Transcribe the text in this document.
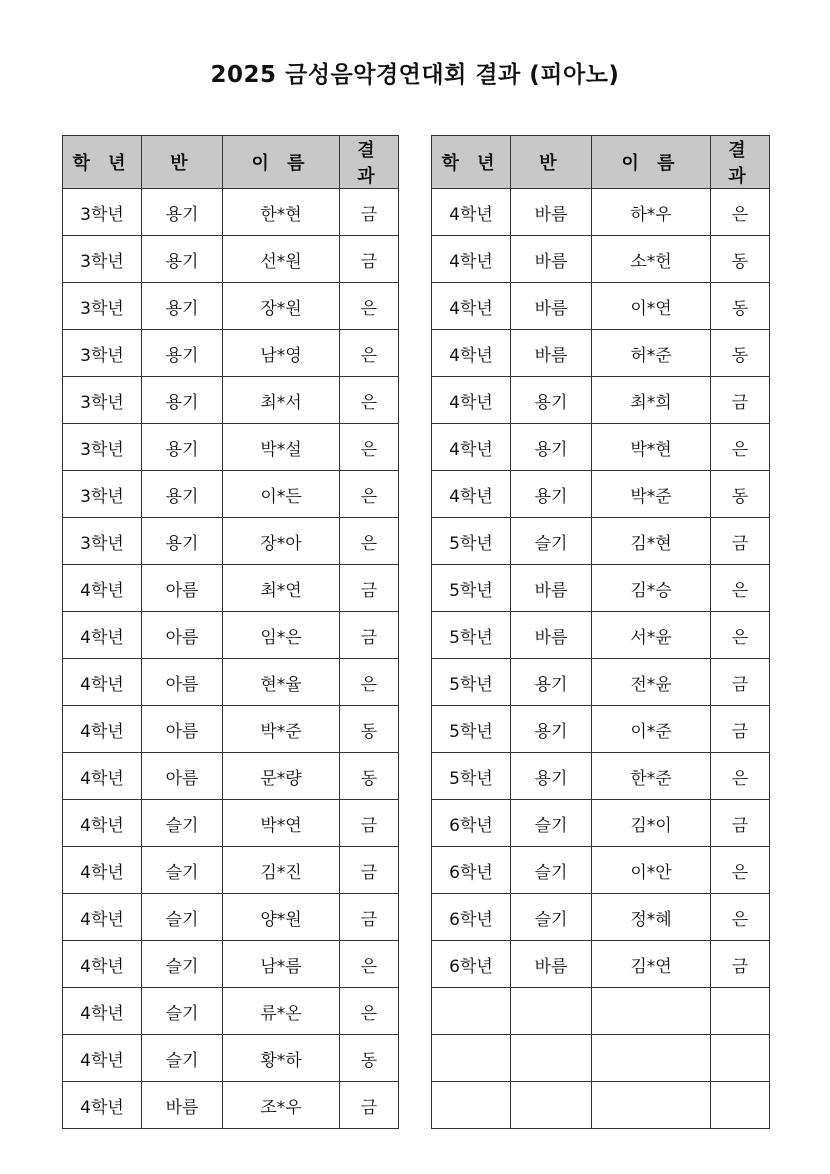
2025 금성음악경연대회 결과 (피아노)
학 년	반	이 름	결 과
3학년	용기	한*현	금
3학년	용기	선*원	금
3학년	용기	장*원	은
3학년	용기	남*영	은
3학년	용기	최*서	은
3학년	용기	박*설	은
3학년	용기	이*든	은
3학년	용기	장*아	은
4학년	아름	최*연	금
4학년	아름	임*은	금
4학년	아름	현*율	은
4학년	아름	박*준	동
4학년	아름	문*량	동
4학년	슬기	박*연	금
4학년	슬기	김*진	금
4학년	슬기	양*원	금
4학년	슬기	남*름	은
4학년	슬기	류*온	은
4학년	슬기	황*하	동
4학년	바름	조*우	금
학 년	반	이 름	결 과
4학년	바름	하*우	은
4학년	바름	소*헌	동
4학년	바름	이*연	동
4학년	바름	허*준	동
4학년	용기	최*희	금
4학년	용기	박*현	은
4학년	용기	박*준	동
5학년	슬기	김*현	금
5학년	바름	김*승	은
5학년	바름	서*윤	은
5학년	용기	전*윤	금
5학년	용기	이*준	금
5학년	용기	한*준	은
6학년	슬기	김*이	금
6학년	슬기	이*안	은
6학년	슬기	정*혜	은
6학년	바름	김*연	금
